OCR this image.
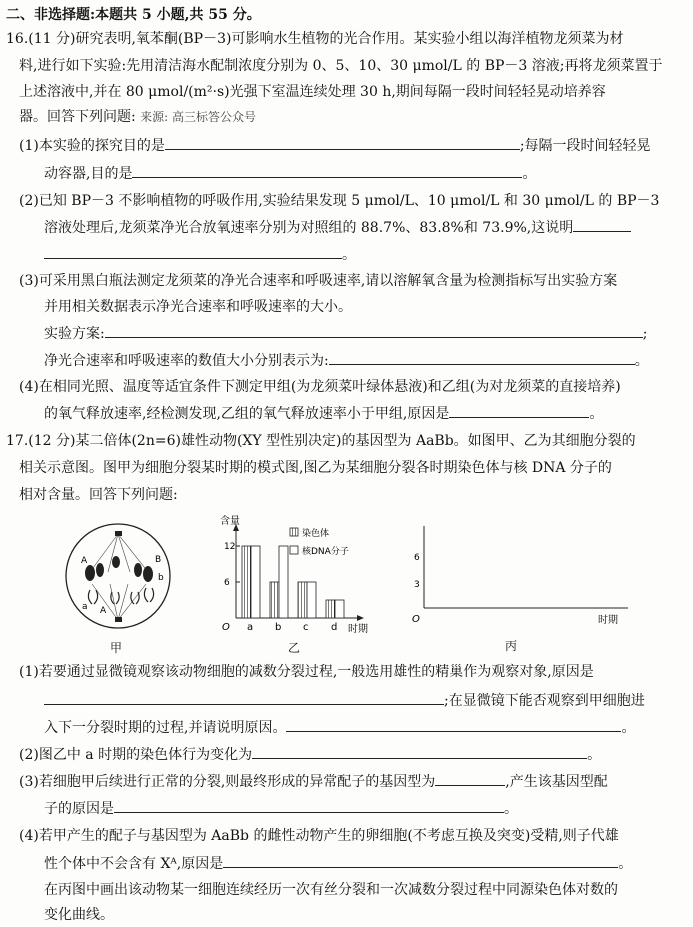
二、非选择题:本题共 5 小题,共 55 分。
16.(11 分)研究表明,氧苯酮(BP－3)可影响水生植物的光合作用。某实验小组以海洋植物龙须菜为材
料,进行如下实验:先用清洁海水配制浓度分别为 0、5、10、30 μmol/L 的 BP－3 溶液;再将龙须菜置于
上述溶液中,并在 80 μmol/(m²·s)光强下室温连续处理 30 h,期间每隔一段时间轻轻晃动培养容
器。回答下列问题: 来源: 高三标答公众号
(1)本实验的探究目的是	;每隔一段时间轻轻晃
动容器,目的是	。
(2)已知 BP－3 不影响植物的呼吸作用,实验结果发现 5 μmol/L、10 μmol/L 和 30 μmol/L 的 BP－3
溶液处理后,龙须菜净光合放氧速率分别为对照组的 88.7%、83.8%和 73.9%,这说明
。
(3)可采用黑白瓶法测定龙须菜的净光合速率和呼吸速率,请以溶解氧含量为检测指标写出实验方案
并用相关数据表示净光合速率和呼吸速率的大小。
实验方案:	;
净光合速率和呼吸速率的数值大小分别表示为:	。
(4)在相同光照、温度等适宜条件下测定甲组(为龙须菜叶绿体悬液)和乙组(为对龙须菜的直接培养)
的氧气释放速率,经检测发现,乙组的氧气释放速率小于甲组,原因是	。
17.(12 分)某二倍体(2n=6)雄性动物(XY 型性别决定)的基因型为 AaBb。如图甲、乙为其细胞分裂的
相关示意图。图甲为细胞分裂某时期的模式图,图乙为某细胞分裂各时期染色体与核 DNA 分子的
相对含量。回答下列问题:
A	B
b
a A
甲
含量
O	时期
6
12
a b c d
染色体
核DNA分子
乙
6
3
O	时期
丙
(1)若要通过显微镜观察该动物细胞的减数分裂过程,一般选用雄性的精巢作为观察对象,原因是
;在显微镜下能否观察到甲细胞进
入下一分裂时期的过程,并请说明原因。	。
(2)图乙中 a 时期的染色体行为变化为	。
(3)若细胞甲后续进行正常的分裂,则最终形成的异常配子的基因型为	,产生该基因型配
子的原因是	。
(4)若甲产生的配子与基因型为 AaBb 的雌性动物产生的卵细胞(不考虑互换及突变)受精,则子代雄
性个体中不会含有 Xᴬ,原因是	。
在丙图中画出该动物某一细胞连续经历一次有丝分裂和一次减数分裂过程中同源染色体对数的
变化曲线。
